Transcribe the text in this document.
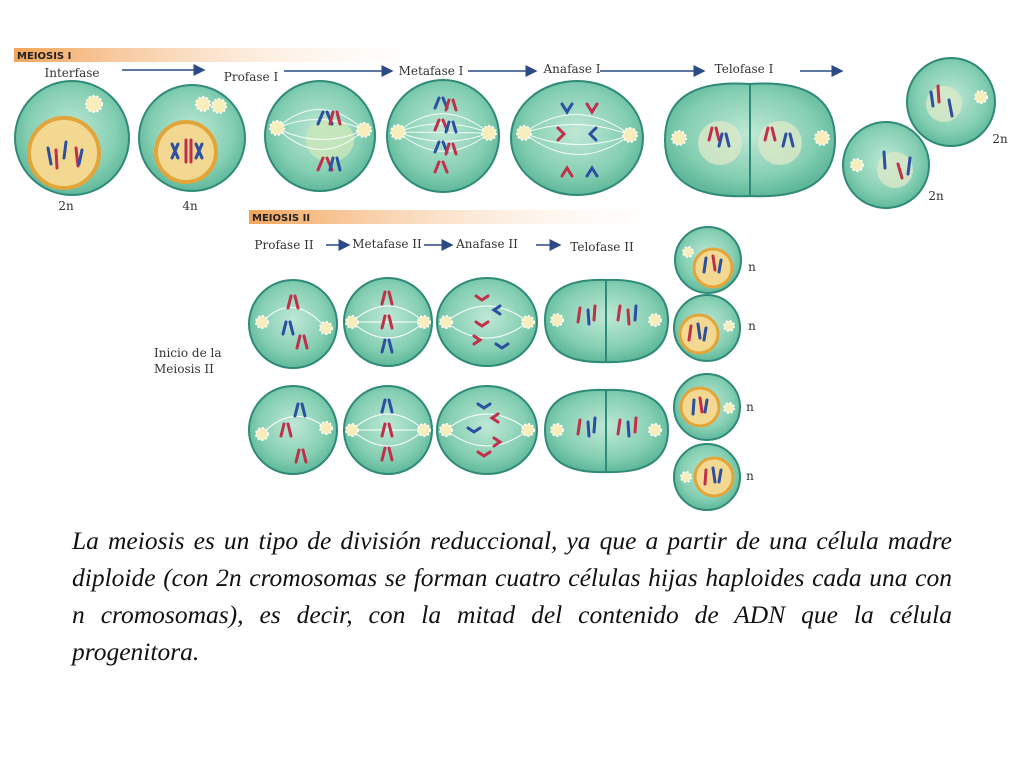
MEIOSIS I
Interfase	Profase I	Metafase I	Anafase I	Telofase I
2n	4n
2n
2n
MEIOSIS II
Profase II	Metafase II	Anafase II	Telofase II
Inicio de la
Meiosis II
n
n
n
n

La meiosis es un tipo de división reduccional, ya que a partir de una célula madre diploide (con 2n cromosomas se forman cuatro células hijas haploides cada una con n cromosomas), es decir, con la mitad del contenido de ADN que la célula progenitora.
